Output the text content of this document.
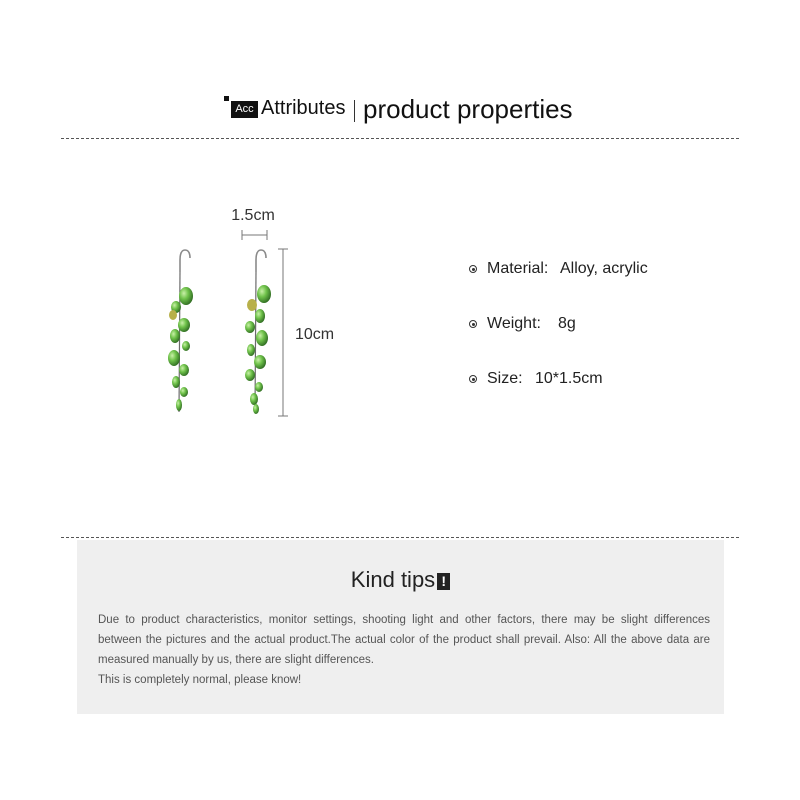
Acc Attributes product properties
1.5cm
10cm
Material: Alloy, acrylic
Weight: 8g
Size: 10*1.5cm
Kind tips !

Due to product characteristics, monitor settings, shooting light and other factors, there may be slight differences between the pictures and the actual product.The actual color of the product shall prevail. Also: All the above data are measured manually by us, there are slight differences.

This is completely normal, please know!
